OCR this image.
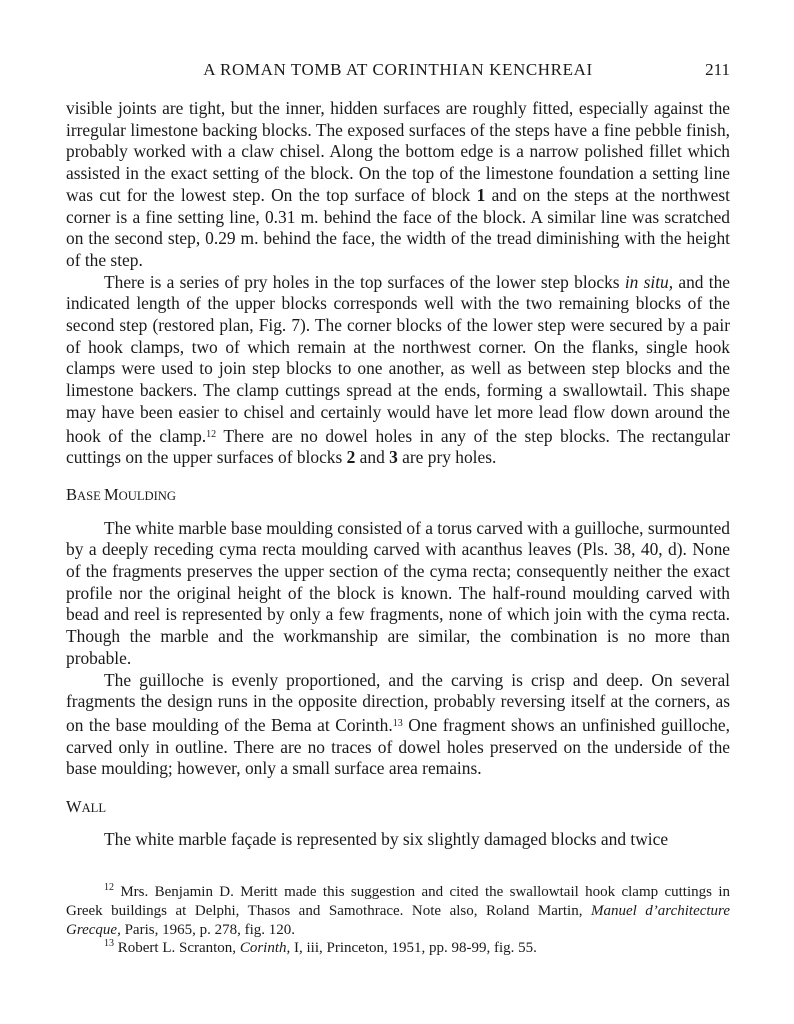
A ROMAN TOMB AT CORINTHIAN KENCHREAI	211

visible joints are tight, but the inner, hidden surfaces are roughly fitted, especially against the irregular limestone backing blocks. The exposed surfaces of the steps have a fine pebble finish, probably worked with a claw chisel. Along the bottom edge is a narrow polished fillet which assisted in the exact setting of the block. On the top of the limestone foundation a setting line was cut for the lowest step. On the top surface of block 1 and on the steps at the northwest corner is a fine setting line, 0.31 m. behind the face of the block. A similar line was scratched on the second step, 0.29 m. behind the face, the width of the tread diminishing with the height of the step.

There is a series of pry holes in the top surfaces of the lower step blocks in situ, and the indicated length of the upper blocks corresponds well with the two remaining blocks of the second step (restored plan, Fig. 7). The corner blocks of the lower step were secured by a pair of hook clamps, two of which remain at the northwest corner. On the flanks, single hook clamps were used to join step blocks to one another, as well as between step blocks and the limestone backers. The clamp cuttings spread at the ends, forming a swallowtail. This shape may have been easier to chisel and certainly would have let more lead flow down around the hook of the clamp.$^{12}$ There are no dowel holes in any of the step blocks. The rectangular cuttings on the upper surfaces of blocks 2 and 3 are pry holes.

BASE MOULDING

The white marble base moulding consisted of a torus carved with a guilloche, surmounted by a deeply receding cyma recta moulding carved with acanthus leaves (Pls. 38, 40, d). None of the fragments preserves the upper section of the cyma recta; consequently neither the exact profile nor the original height of the block is known. The half-round moulding carved with bead and reel is represented by only a few fragments, none of which join with the cyma recta. Though the marble and the workmanship are similar, the combination is no more than probable.

The guilloche is evenly proportioned, and the carving is crisp and deep. On several fragments the design runs in the opposite direction, probably reversing itself at the corners, as on the base moulding of the Bema at Corinth.$^{13}$ One fragment shows an unfinished guilloche, carved only in outline. There are no traces of dowel holes preserved on the underside of the base moulding; however, only a small surface area remains.

WALL

The white marble façade is represented by six slightly damaged blocks and twice

$^{12}$ Mrs. Benjamin D. Meritt made this suggestion and cited the swallowtail hook clamp cuttings in Greek buildings at Delphi, Thasos and Samothrace. Note also, Roland Martin, Manuel d’architecture Grecque, Paris, 1965, p. 278, fig. 120.

$^{13}$ Robert L. Scranton, Corinth, I, iii, Princeton, 1951, pp. 98-99, fig. 55.
